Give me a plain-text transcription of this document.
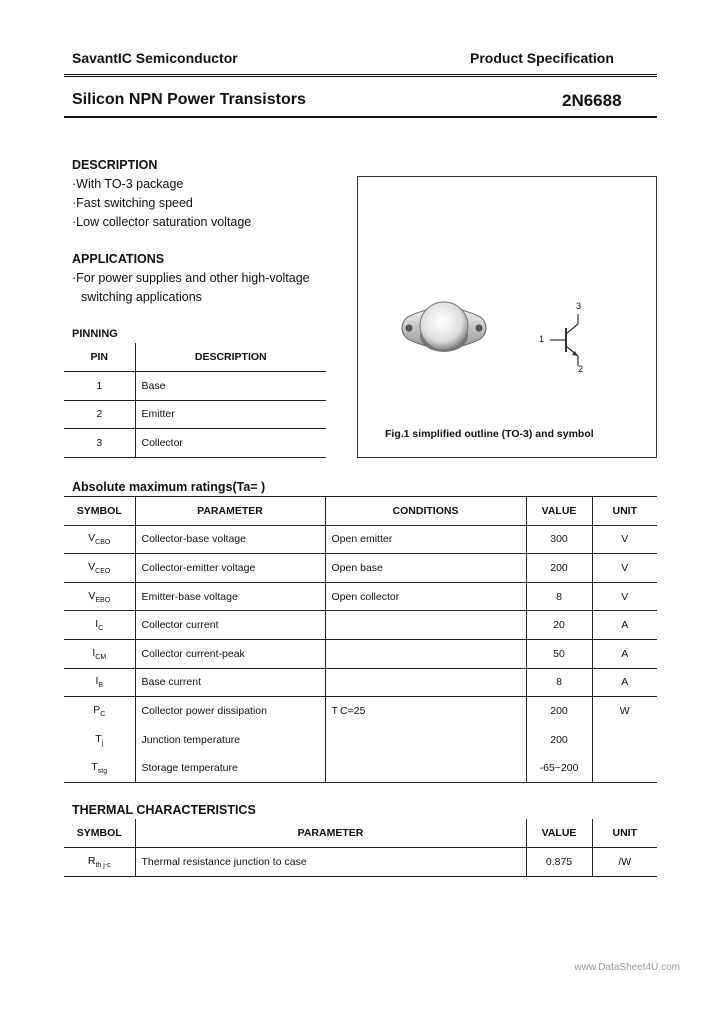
SavantIC Semiconductor	Product Specification
Silicon NPN Power Transistors	2N6688
DESCRIPTION
·With TO-3 package
·Fast switching speed
·Low collector saturation voltage
APPLICATIONS
·For power supplies and other high-voltage
switching applications
PINNING
PIN	DESCRIPTION
1	Base
2	Emitter
3	Collector
1
3
2
Fig.1 simplified outline (TO-3) and symbol
Absolute maximum ratings(Ta= )
SYMBOL	PARAMETER	CONDITIONS	VALUE	UNIT
$V_{CBO}$	Collector-base voltage	Open emitter	300	V
$V_{CEO}$	Collector-emitter voltage	Open base	200	V
$V_{EBO}$	Emitter-base voltage	Open collector	8	V
$I_C$	Collector current		20	A
$I_{CM}$	Collector current-peak		50	A
$I_B$	Base current		8	A
$P_C$	Collector power dissipation	T C=25	200	W
$T_j$	Junction temperature		200	
$T_{stg}$	Storage temperature		-65~200	
THERMAL CHARACTERISTICS
SYMBOL	PARAMETER	VALUE	UNIT
$R_{th j-c}$	Thermal resistance junction to case	0.875	/W
www.DataSheet4U.com
